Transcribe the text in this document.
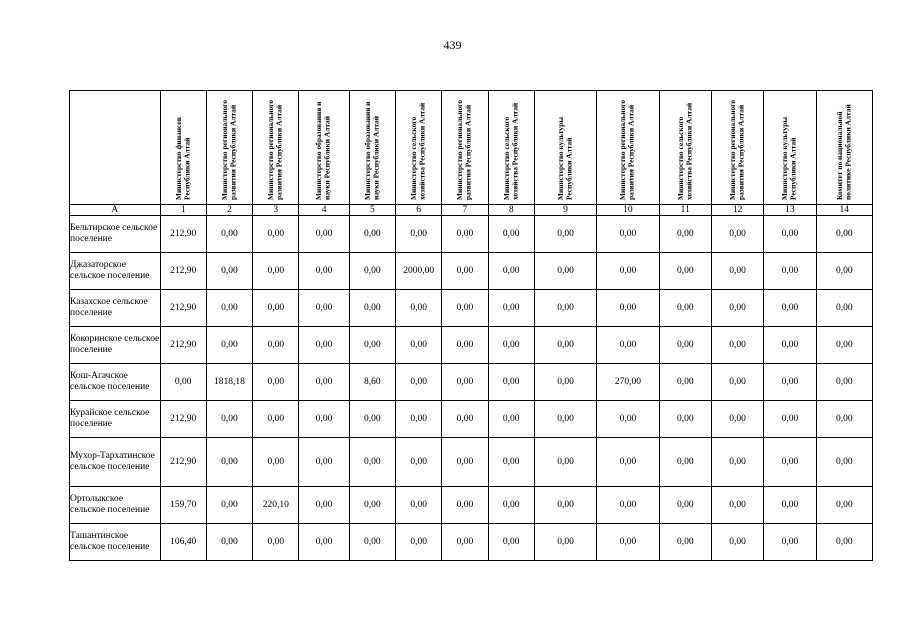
439

	Министерство финансов Республики Алтай	Министерство регионального развития Республики Алтай	Министерство регионального развития Республики Алтай	Министерство образования и науки Республики Алтай	Министерство образования и науки Республики Алтай	Министерство сельского хозяйства Республики Алтай	Министерство регионального развития Республики Алтай	Министерство сельского хозяйства Республики Алтай	Министерство культуры Республики Алтай	Министерство регионального развития Республики Алтай	Министерство сельского хозяйства Республики Алтай	Министерство регионального развития Республики Алтай	Министерство культуры Республики Алтай	Комитет по национальной политике Республики Алтай

А	1	2	3	4	5	6	7	8	9	10	11	12	13	14
Бельтирское сельское поселение	212,90	0,00	0,00	0,00	0,00	0,00	0,00	0,00	0,00	0,00	0,00	0,00	0,00	0,00
Джазаторское сельское поселение	212,90	0,00	0,00	0,00	0,00	2000,00	0,00	0,00	0,00	0,00	0,00	0,00	0,00	0,00
Казахское сельское поселение	212,90	0,00	0,00	0,00	0,00	0,00	0,00	0,00	0,00	0,00	0,00	0,00	0,00	0,00
Кокоринское сельское поселение	212,90	0,00	0,00	0,00	0,00	0,00	0,00	0,00	0,00	0,00	0,00	0,00	0,00	0,00
Кош-Агачское сельское поселение	0,00	1818,18	0,00	0,00	8,60	0,00	0,00	0,00	0,00	270,00	0,00	0,00	0,00	0,00
Курайское сельское поселение	212,90	0,00	0,00	0,00	0,00	0,00	0,00	0,00	0,00	0,00	0,00	0,00	0,00	0,00
Мухор-Тархатинское сельское поселение	212,90	0,00	0,00	0,00	0,00	0,00	0,00	0,00	0,00	0,00	0,00	0,00	0,00	0,00
Ортолыкское сельское поселение	159,70	0,00	220,10	0,00	0,00	0,00	0,00	0,00	0,00	0,00	0,00	0,00	0,00	0,00
Ташантинское сельское поселение	106,40	0,00	0,00	0,00	0,00	0,00	0,00	0,00	0,00	0,00	0,00	0,00	0,00	0,00
